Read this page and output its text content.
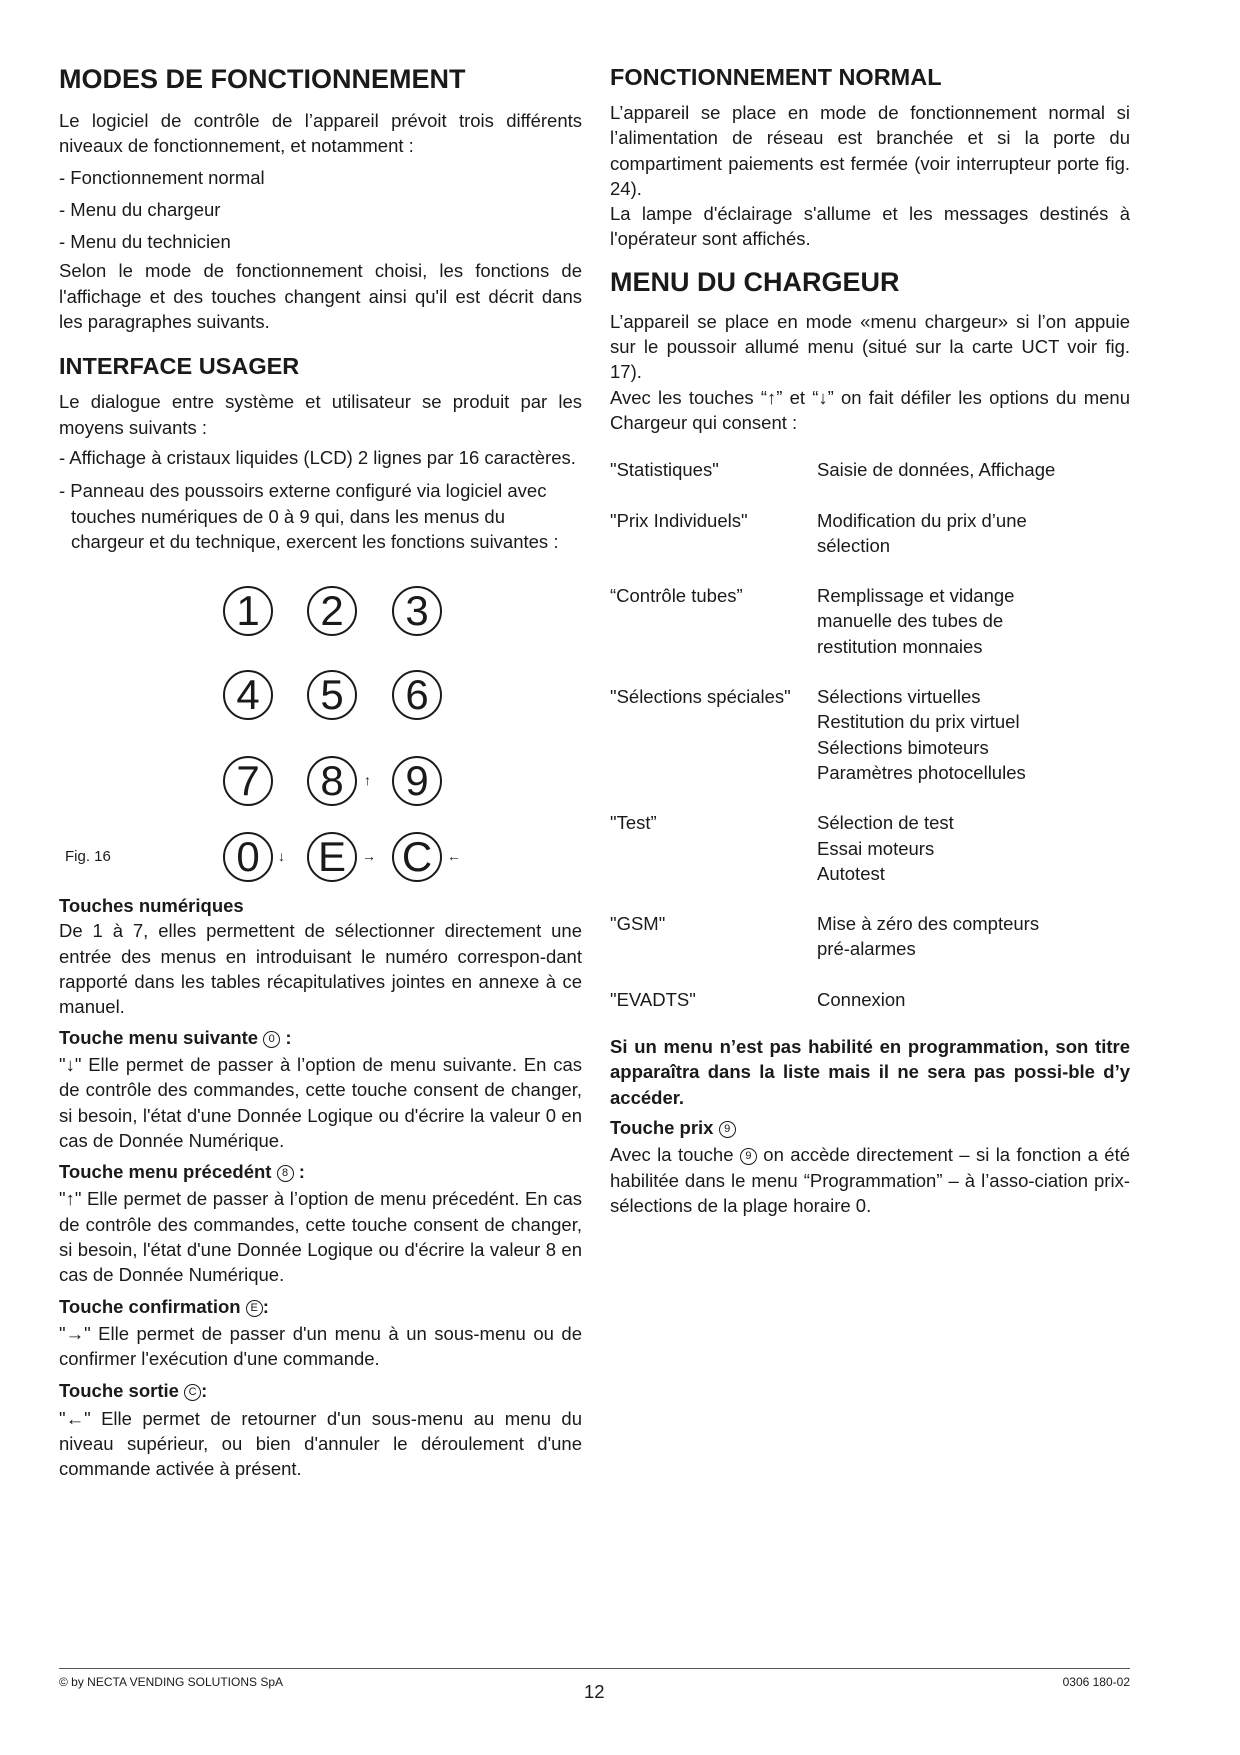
MODES DE FONCTIONNEMENT

Le logiciel de contrôle de l’appareil prévoit trois différents niveaux de fonctionnement, et notamment :

- Fonctionnement normal

- Menu du chargeur

- Menu du technicien

Selon le mode de fonctionnement choisi, les fonctions de l'affichage et des touches changent ainsi qu'il est décrit dans les paragraphes suivants.

INTERFACE USAGER

Le dialogue entre système et utilisateur se produit par les moyens suivants :

- Affichage à cristaux liquides (LCD) 2 lignes par 16 caractères.

- Panneau des poussoirs externe configuré via logiciel avec touches numériques de 0 à 9 qui, dans les menus du chargeur et du technique, exercent les fonctions suivantes :

1	2	3
4	5	6
7	8	↑ 9
0	↓ E	→ C	←
Fig. 16

Touches numériques

De 1 à 7, elles permettent de sélectionner directement une entrée des menus en introduisant le numéro correspon-dant rapporté dans les tables récapitulatives jointes en annexe à ce manuel.

Touche menu suivante 0 :

"↓" Elle permet de passer à l’option de menu suivante. En cas de contrôle des commandes, cette touche consent de changer, si besoin, l'état d'une Donnée Logique ou d'écrire la valeur 0 en cas de Donnée Numérique.

Touche menu précedént 8 :

"↑" Elle permet de passer à l’option de menu précedént. En cas de contrôle des commandes, cette touche consent de changer, si besoin, l'état d'une Donnée Logique ou d'écrire la valeur 8 en cas de Donnée Numérique.

Touche confirmation E :

"→" Elle permet de passer d'un menu à un sous-menu ou de confirmer l'exécution d'une commande.

Touche sortie C :

"←" Elle permet de retourner d'un sous-menu au menu du niveau supérieur, ou bien d'annuler le déroulement d'une commande activée à présent.

FONCTIONNEMENT NORMAL

L’appareil se place en mode de fonctionnement normal si l’alimentation de réseau est branchée et si la porte du compartiment paiements est fermée (voir interrupteur porte fig. 24).

La lampe d'éclairage s'allume et les messages destinés à l'opérateur sont affichés.

MENU DU CHARGEUR

L’appareil se place en mode «menu chargeur» si l’on appuie sur le poussoir allumé menu (situé sur la carte UCT voir fig. 17).

Avec les touches “↑” et “↓” on fait défiler les options du menu Chargeur qui consent :

"Statistiques"	Saisie de données, Affichage

"Prix Individuels"	Modification du prix d’une
sélection

“Contrôle tubes”	Remplissage et vidange
manuelle des tubes de
restitution monnaies

"Sélections spéciales"	Sélections virtuelles
Restitution du prix virtuel
Sélections bimoteurs
Paramètres photocellules

"Test”	Sélection de test
Essai moteurs
Autotest

"GSM"	Mise à zéro des compteurs
pré-alarmes

"EVADTS"	Connexion

Si un menu n’est pas habilité en programmation, son titre apparaîtra dans la liste mais il ne sera pas possi-ble d’y accéder.

Touche prix 9

Avec la touche 9 on accède directement – si la fonction a été habilitée dans le menu “Programmation” – à l’asso-ciation prix-sélections de la plage horaire 0.

© by NECTA VENDING SOLUTIONS SpA	12	0306 180-02
